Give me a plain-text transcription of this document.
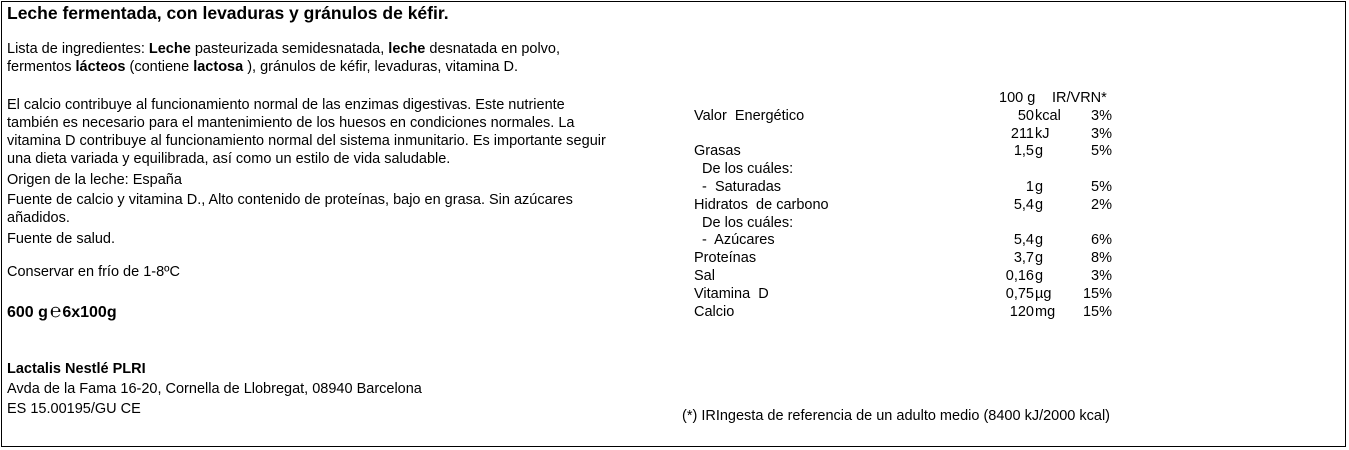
Leche fermentada, con levaduras y gránulos de kéfir.
Lista de ingredientes: Leche pasteurizada semidesnatada, leche desnatada en polvo,
fermentos lácteos (contiene lactosa ), gránulos de kéfir, levaduras, vitamina D.
El calcio contribuye al funcionamiento normal de las enzimas digestivas. Este nutriente
también es necesario para el mantenimiento de los huesos en condiciones normales. La
vitamina D contribuye al funcionamiento normal del sistema inmunitario. Es importante seguir
una dieta variada y equilibrada, así como un estilo de vida saludable.
Origen de la leche: España
Fuente de calcio y vitamina D., Alto contenido de proteínas, bajo en grasa. Sin azúcares
añadidos.
Fuente de salud.
Conservar en frío de 1-8ºC
600 g ℮6x100g
Lactalis Nestlé PLRI
Avda de la Fama 16-20, Cornella de Llobregat, 08940 Barcelona
ES 15.00195/GU CE
100 g IR/VRN*
Valor  Energético	50 kcal 3%
211 kJ	3%
Grasas	1,5 g	5%
De los cuáles:
-  Saturadas	1 g	5%
Hidratos  de carbono	5,4 g	2%
De los cuáles:
-  Azúcares	5,4 g	6%
Proteínas	3,7 g	8%
Sal	0,16 g	3%
Vitamina  D	0,75 µg 15%
Calcio	120 mg 15%
(*) IRIngesta de referencia de un adulto medio (8400 kJ/2000 kcal)
